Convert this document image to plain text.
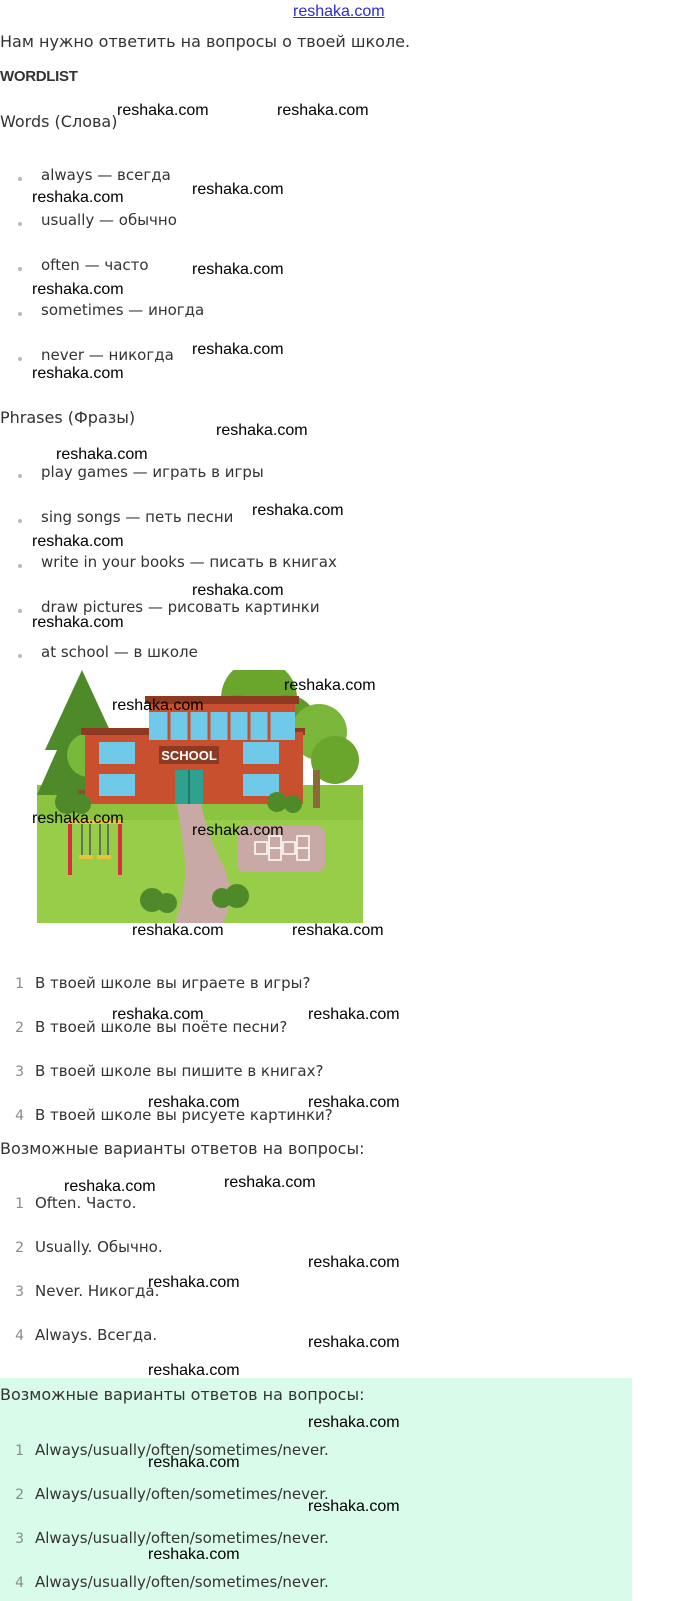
reshaka.com
Нам нужно ответить на вопросы о твоей школе.
WORDLIST
Words (Слова)
always — всегда
usually — обычно
often — часто
sometimes — иногда
never — никогда
Phrases (Фразы)
play games — играть в игры
sing songs — петь песни
write in your books — писать в книгах
draw pictures — рисовать картинки
at school — в школе
SCHOOL
1 В твоей школе вы играете в игры?
2 В твоей школе вы поёте песни?
3 В твоей школе вы пишите в книгах?
4 В твоей школе вы рисуете картинки?
Возможные варианты ответов на вопросы:
1 Often. Часто.
2 Usually. Обычно.
3 Never. Никогда.
4 Always. Всегда.
Возможные варианты ответов на вопросы:
1 Always/usually/often/sometimes/never.
2 Always/usually/often/sometimes/never.
3 Always/usually/often/sometimes/never.
4 Always/usually/often/sometimes/never.
reshaka.com	reshaka.com
reshaka.com	reshaka.com
reshaka.com
reshaka.com
reshaka.com
reshaka.com
reshaka.com
reshaka.com
reshaka.com
reshaka.com
reshaka.com
reshaka.com
reshaka.com
reshaka.com
reshaka.com
reshaka.com
reshaka.com	reshaka.com
reshaka.com	reshaka.com
reshaka.com	reshaka.com
reshaka.com	reshaka.com
reshaka.com
reshaka.com
reshaka.com
reshaka.com
reshaka.com
reshaka.com
reshaka.com
reshaka.com
